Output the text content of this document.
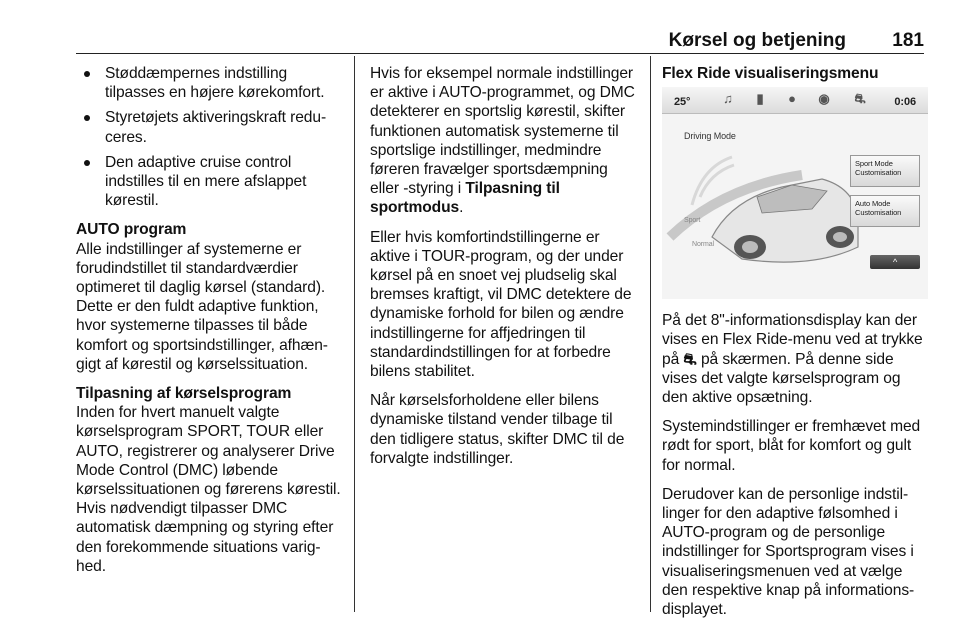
Kørsel og betjening 181
Støddæmpernes indstilling tilpasses en højere kørekomfort.
Styretøjets aktiveringskraft reduceres.
Den adaptive cruise control indstilles til en mere afslappet kørestil.
AUTO program

Alle indstillinger af systemerne er forudindstillet til standardværdier optimeret til daglig kørsel (standard). Dette er den fuldt adaptive funktion, hvor systemerne tilpasses til både komfort og sportsindstillinger, afhængigt af kørestil og kørselssituation.

Tilpasning af kørselsprogram

Inden for hvert manuelt valgte kørselsprogram SPORT, TOUR eller AUTO, registrerer og analyserer Drive Mode Control (DMC) løbende kørselssituationen og førerens kørestil. Hvis nødvendigt tilpasser DMC automatisk dæmpning og styring efter den forekommende situations varighed.

Hvis for eksempel normale indstillinger er aktive i AUTO-programmet, og DMC detekterer en sportslig kørestil, skifter funktionen automatisk systemerne til sportslige indstillinger, medmindre føreren fravælger sportsdæmpning eller -styring i Tilpasning til sportmodus.

Eller hvis komfortindstillingerne er aktive i TOUR-program, og der under kørsel på en snoet vej pludselig skal bremses kraftigt, vil DMC detektere de dynamiske forhold for bilen og ændre indstillingerne for affjedringen til standardindstillingen for at forbedre bilens stabilitet.

Når kørselsforholdene eller bilens dynamiske tilstand vender tilbage til den tidligere status, skifter DMC til de forvalgte indstillinger.

Flex Ride visualiseringsmenu
25°	♫	▮	●	◉ ⛐	0:06
Driving Mode
Sport
Normal
Sport Mode Customisation
Auto Mode Customisation
^

På det 8"-informationsdisplay kan der vises en Flex Ride-menu ved at trykke på ⛐ på skærmen. På denne side vises det valgte kørselsprogram og den aktive opsætning.

Systemindstillinger er fremhævet med rødt for sport, blåt for komfort og gult for normal.

Derudover kan de personlige indstillinger for den adaptive følsomhed i AUTO-program og de personlige indstillinger for Sportsprogram vises i visualiseringsmenuen ved at vælge den respektive knap på informationsdisplayet.
